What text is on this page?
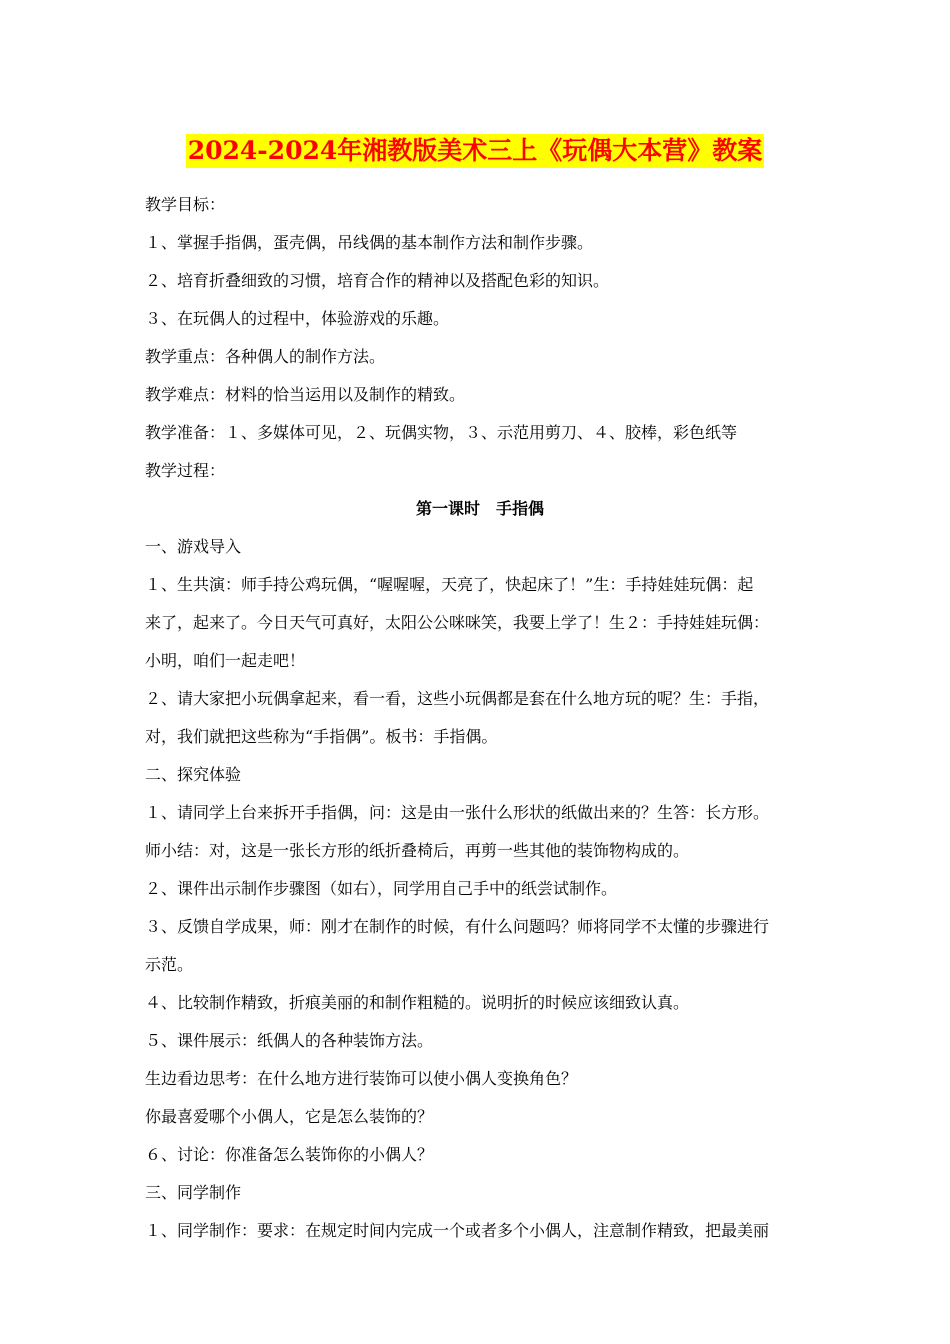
2024-2024年湘教版美术三上《玩偶大本营》教案
教学目标：
１、掌握手指偶，蛋壳偶，吊线偶的基本制作方法和制作步骤。
２、培育折叠细致的习惯，培育合作的精神以及搭配色彩的知识。
３、在玩偶人的过程中，体验游戏的乐趣。
教学重点：各种偶人的制作方法。
教学难点：材料的恰当运用以及制作的精致。
教学准备：１、多媒体可见，２、玩偶实物，３、示范用剪刀、４、胶棒，彩色纸等
教学过程：
第一课时　手指偶
一、游戏导入
１、生共演：师手持公鸡玩偶，“喔喔喔，天亮了，快起床了！”生：手持娃娃玩偶：起
来了，起来了。今日天气可真好，太阳公公咪咪笑，我要上学了！生２：手持娃娃玩偶：
小明，咱们一起走吧！
２、请大家把小玩偶拿起来，看一看，这些小玩偶都是套在什么地方玩的呢？生：手指，
对，我们就把这些称为“手指偶”。板书：手指偶。
二、探究体验
１、请同学上台来拆开手指偶，问：这是由一张什么形状的纸做出来的？生答：长方形。
师小结：对，这是一张长方形的纸折叠椅后，再剪一些其他的装饰物构成的。
２、课件出示制作步骤图（如右），同学用自己手中的纸尝试制作。
３、反馈自学成果，师：刚才在制作的时候，有什么问题吗？师将同学不太懂的步骤进行
示范。
４、比较制作精致，折痕美丽的和制作粗糙的。说明折的时候应该细致认真。
５、课件展示：纸偶人的各种装饰方法。
生边看边思考：在什么地方进行装饰可以使小偶人变换角色？
你最喜爱哪个小偶人，它是怎么装饰的？
６、讨论：你准备怎么装饰你的小偶人？
三、同学制作
１、同学制作：要求：在规定时间内完成一个或者多个小偶人，注意制作精致，把最美丽
